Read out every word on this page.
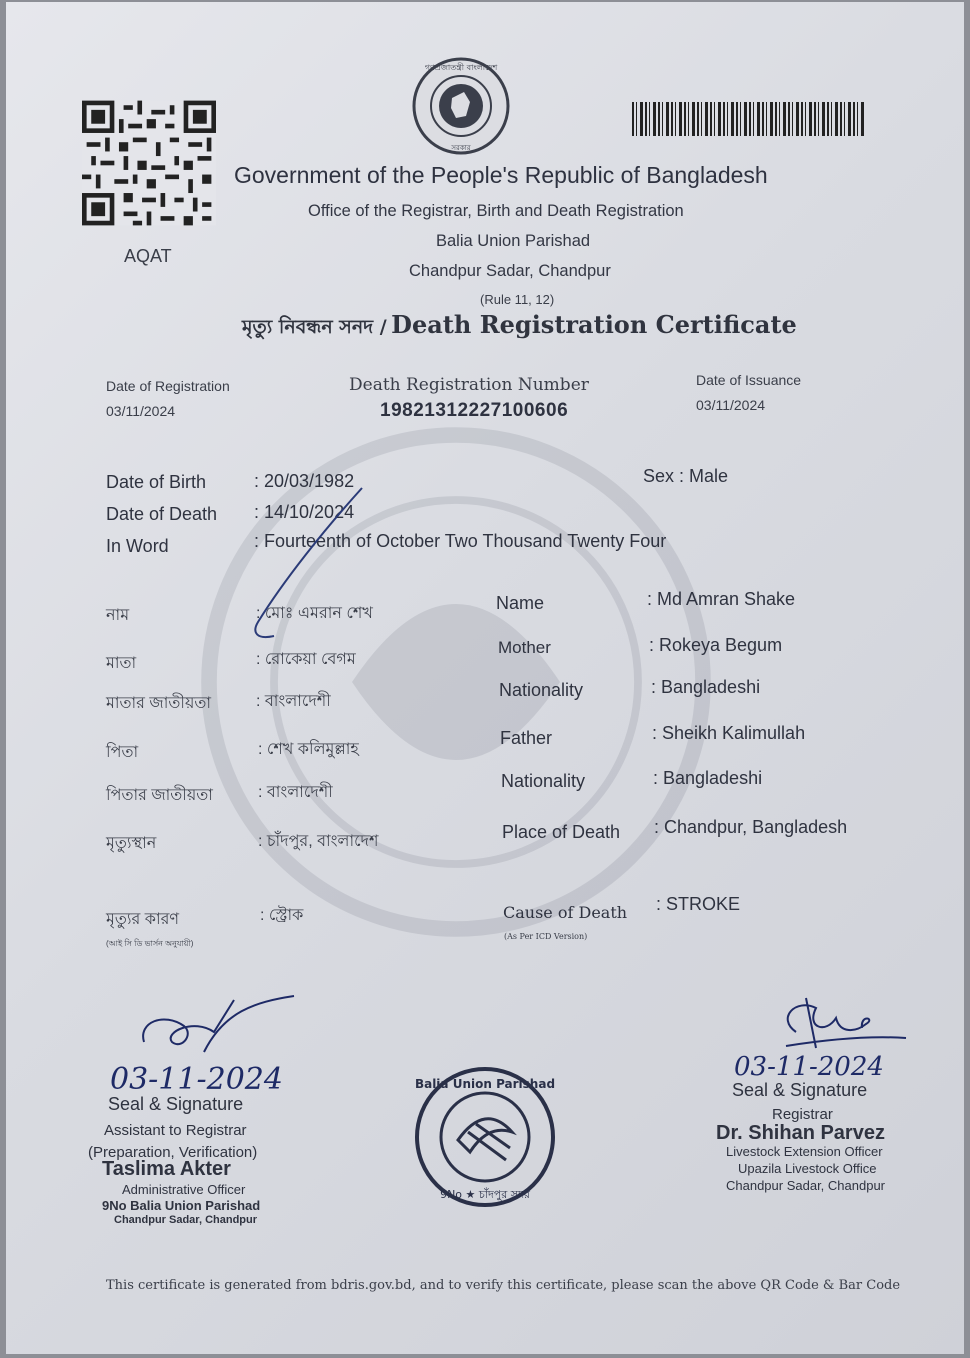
AQAT
গণপ্রজাতন্ত্রী বাংলাদেশ
সরকার
Government of the People's Republic of Bangladesh
Office of the Registrar, Birth and Death Registration
Balia Union Parishad
Chandpur Sadar, Chandpur
(Rule 11, 12)
মৃত্যু নিবন্ধন সনদ / Death Registration Certificate
Date of Registration
03/11/2024
Death Registration Number
19821312227100606
Date of Issuance
03/11/2024
Date of Birth	: 20/03/1982	Sex : Male
Date of Death : 14/10/2024
In Word	: Fourteenth of October Two Thousand Twenty Four
নাম	: মোঃ এমরান শেখ
মাতা	: রোকেয়া বেগম
মাতার জাতীয়তা	: বাংলাদেশী
পিতা	: শেখ কলিমুল্লাহ
পিতার জাতীয়তা	: বাংলাদেশী
মৃত্যুস্থান	: চাঁদপুর, বাংলাদেশ
মৃত্যুর কারণ	: স্ট্রোক
(আই সি ডি ভার্সন অনুযায়ী)
Name	: Md Amran Shake
Mother	: Rokeya Begum
Nationality	: Bangladeshi
Father	: Sheikh Kalimullah
Nationality	: Bangladeshi
Place of Death : Chandpur, Bangladesh
Cause of Death : STROKE
(As Per ICD Version)
03-11-2024
Seal & Signature
Assistant to Registrar
(Preparation, Verification)
Taslima Akter
Administrative Officer
9No Balia Union Parishad
Chandpur Sadar, Chandpur
Balia Union Parishad
9No ★ চাঁদপুর সদর
03-11-2024
Seal & Signature
Registrar
Dr. Shihan Parvez
Livestock Extension Officer
Upazila Livestock Office
Chandpur Sadar, Chandpur
This certificate is generated from bdris.gov.bd, and to verify this certificate, please scan the above QR Code & Bar Code
